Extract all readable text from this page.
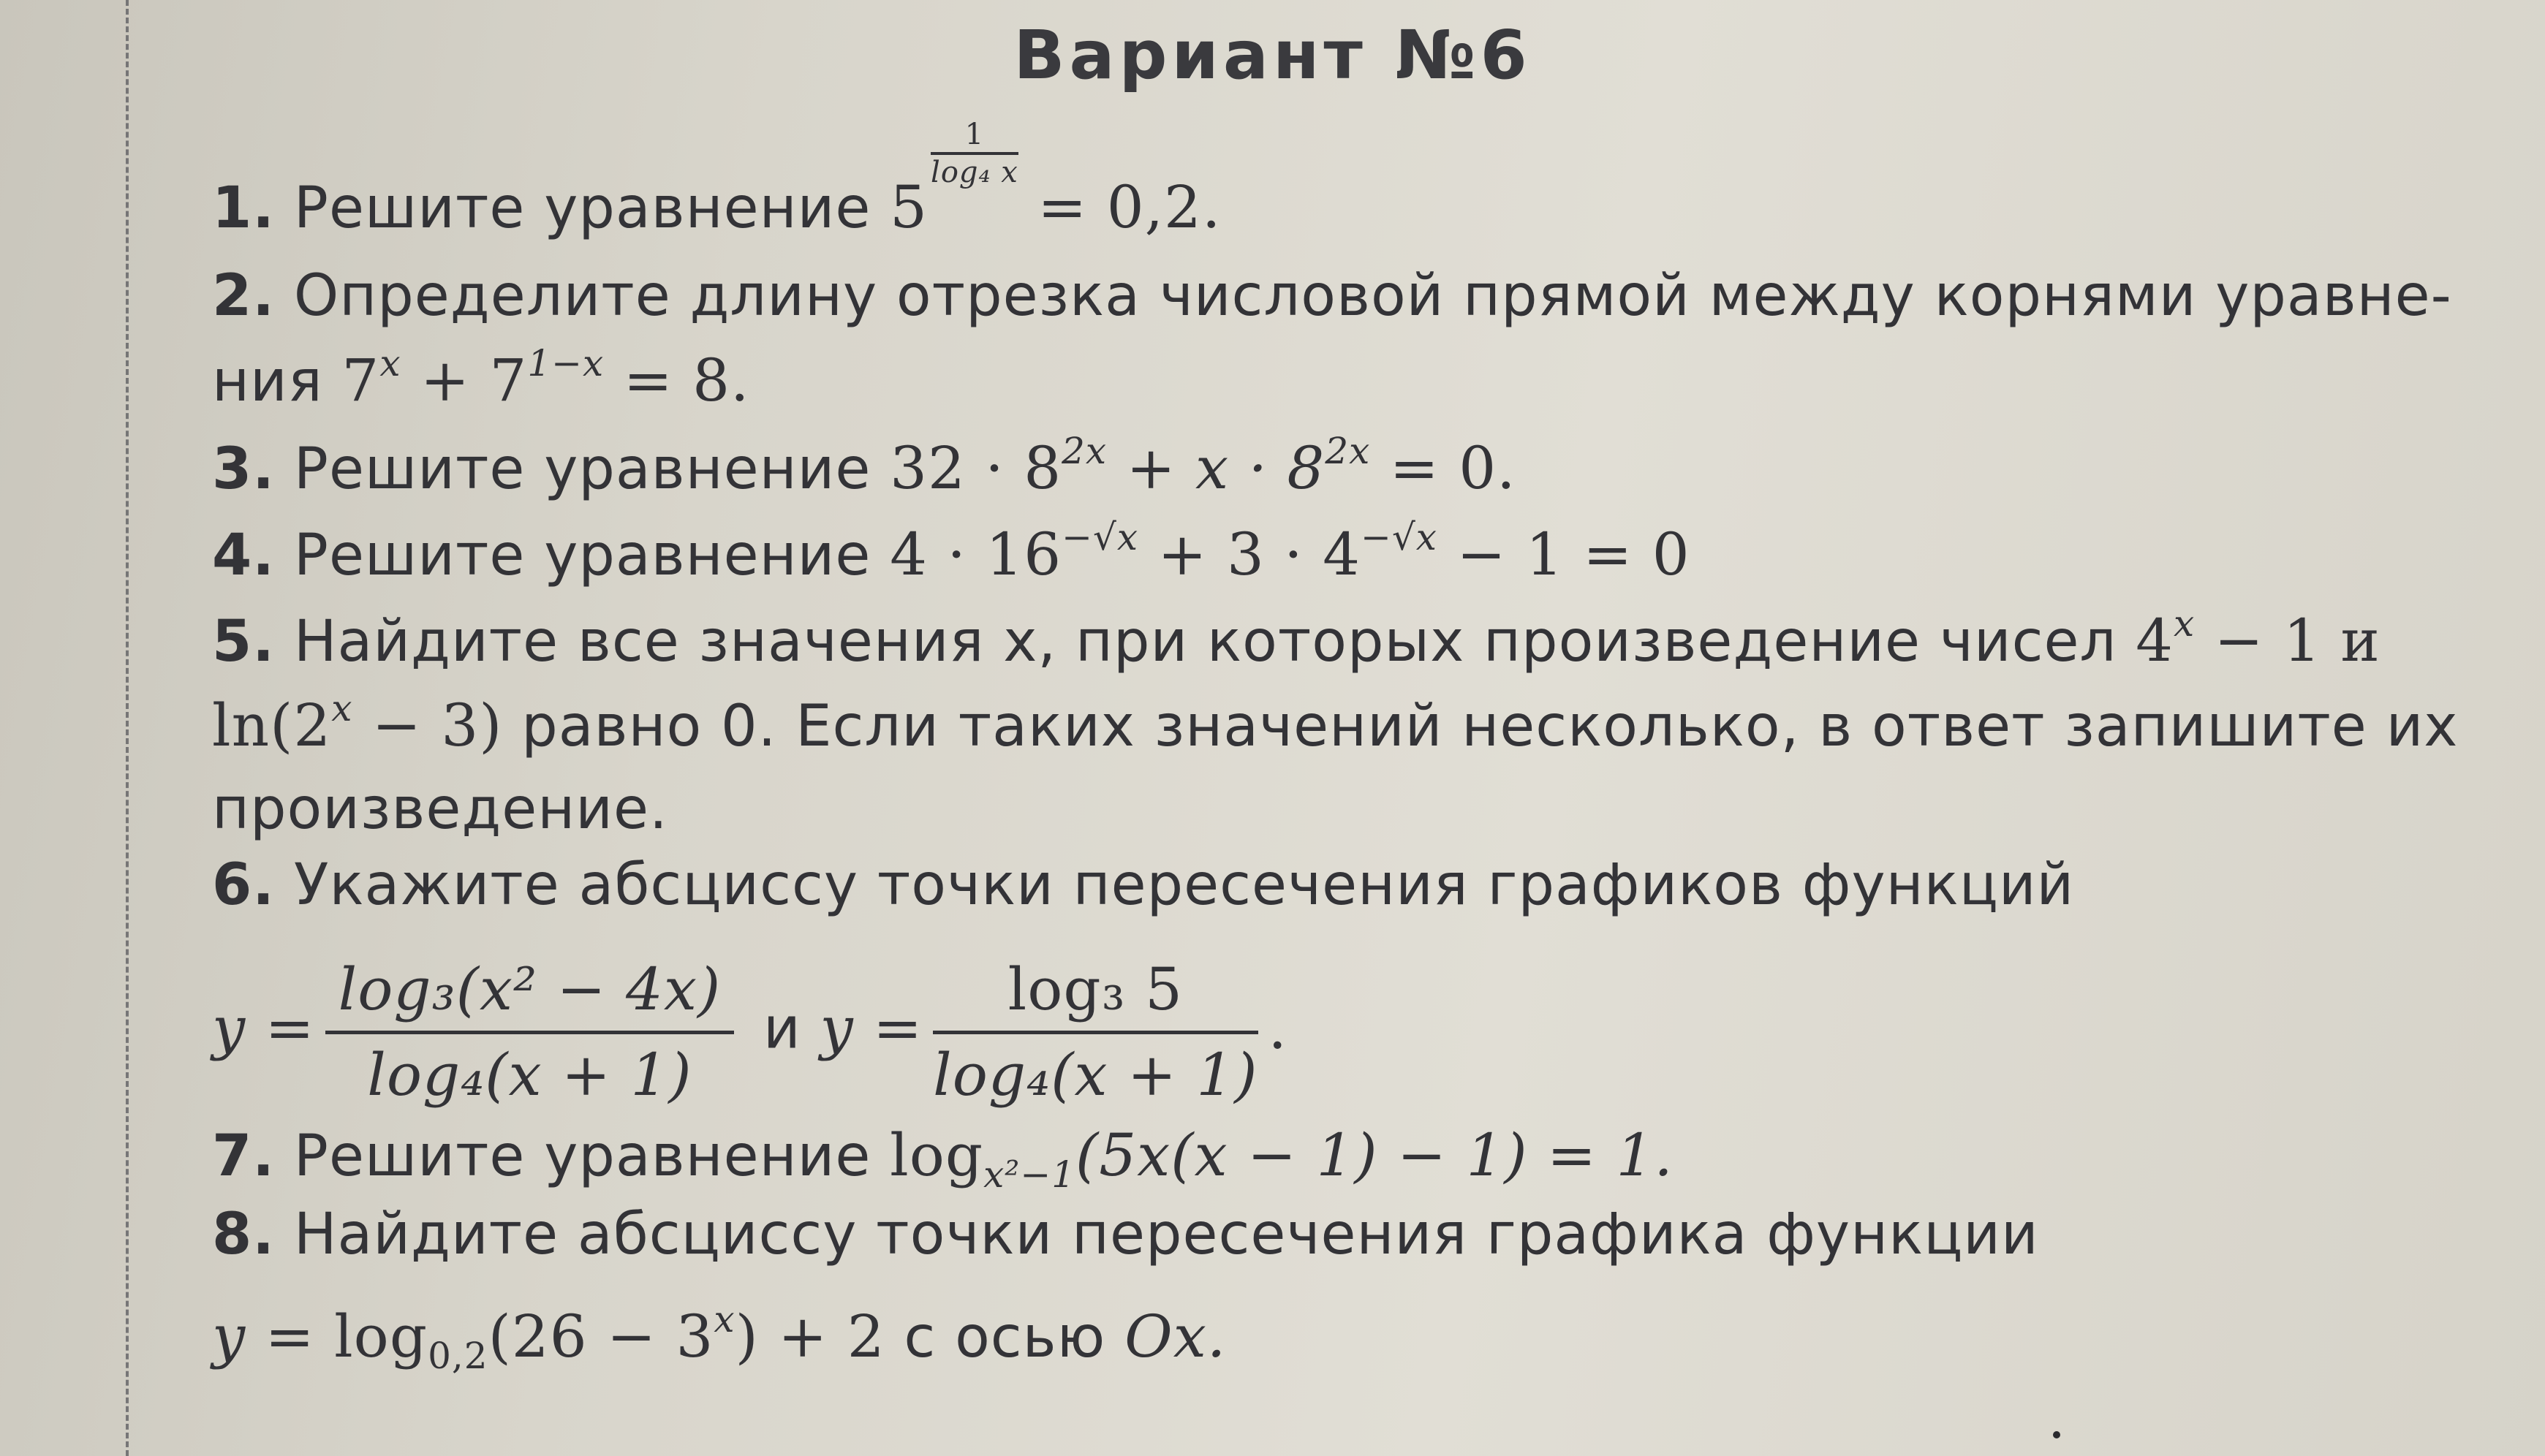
Вариант №6
1. Решите уравнение 5
$\frac{1}{\text{log₄ x}}$
= 0,2.
2. Определите длину отрезка числовой прямой между корнями уравне-
ния $7^x + 7^{1-x} = 8$.
3. Решите уравнение $32 \cdot 8^{2x} + x \cdot 8^{2x} = 0$.
4. Решите уравнение $4 \cdot 16^{-√x} + 3 \cdot 4^{-√x} - 1 = 0$
5. Найдите все значения x, при которых произведение чисел $4^x - 1$ и
$\ln(2^x - 3)$ равно 0. Если таких значений несколько, в ответ запишите их
произведение.
6. Укажите абсциссу точки пересечения графиков функций
$y = \frac{\text{log₃(x² − 4x)}}{\text{log₄(x + 1)}}$ и $y = \frac{\text{log₃ 5}}{\text{log₄(x + 1)}}$ .
7. Решите уравнение $\log_{x^2-1}(5x(x - 1) - 1) = 1$.
8. Найдите абсциссу точки пересечения графика функции
$y = \log_{0,2}(26 - 3^x) + 2$ с осью Ox.
